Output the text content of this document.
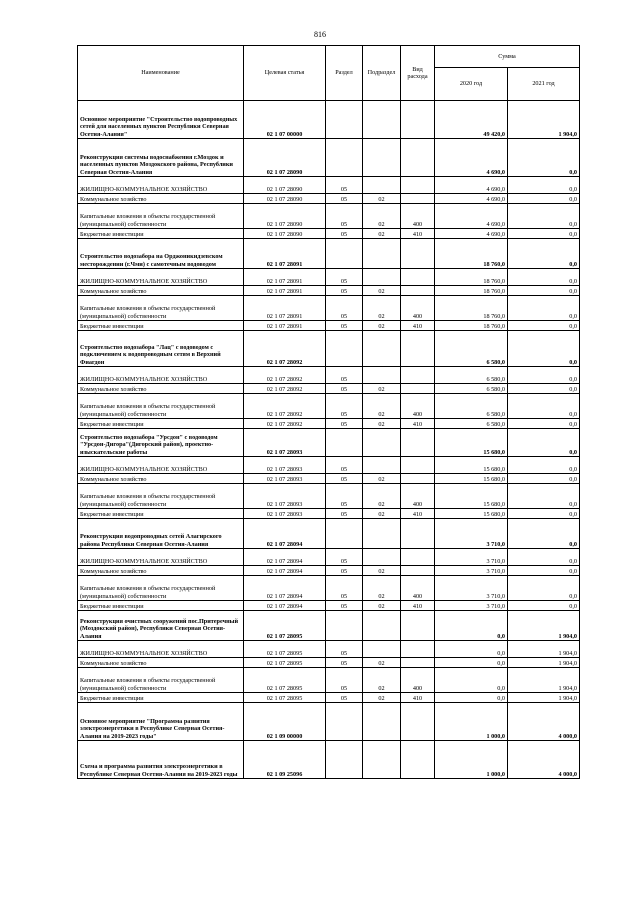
816
Наименование	Целевая статья	Раздел	Подраздел	Вид расхода	Сумма	
					2020 год	2021 год
Основное мероприятие "Строительство водопроводных сетей для населенных пунктов Республики Северная Осетия-Алания"	02 1 07 00000				49 420,0	1 904,0
Реконструкция системы водоснабжения г.Моздок и населенных пунктов Моздокского района, Республики Северная Осетия-Алания	02 1 07 28090				4 690,0	0,0
ЖИЛИЩНО-КОММУНАЛЬНОЕ ХОЗЯЙСТВО	02 1 07 28090	05			4 690,0	0,0
Коммунальное хозяйство	02 1 07 28090	05	02		4 690,0	0,0
Капитальные вложения в объекты государственной (муниципальной) собственности	02 1 07 28090	05	02	400	4 690,0	0,0
Бюджетные инвестиции	02 1 07 28090	05	02	410	4 690,0	0,0
Строительство водозабора на Орджоникидзевском месторождении (г.Чми) с самотечным водоводом	02 1 07 28091				18 760,0	0,0
ЖИЛИЩНО-КОММУНАЛЬНОЕ ХОЗЯЙСТВО	02 1 07 28091	05			18 760,0	0,0
Коммунальное хозяйство	02 1 07 28091	05	02		18 760,0	0,0
Капитальные вложения в объекты государственной (муниципальной) собственности	02 1 07 28091	05	02	400	18 760,0	0,0
Бюджетные инвестиции	02 1 07 28091	05	02	410	18 760,0	0,0
Строительство водозабора "Лац" с водоводом с подключением к водопроводным сетям в Верхний Фиагдон	02 1 07 28092				6 580,0	0,0
ЖИЛИЩНО-КОММУНАЛЬНОЕ ХОЗЯЙСТВО	02 1 07 28092	05			6 580,0	0,0
Коммунальное хозяйство	02 1 07 28092	05	02		6 580,0	0,0
Капитальные вложения в объекты государственной (муниципальной) собственности	02 1 07 28092	05	02	400	6 580,0	0,0
Бюджетные инвестиции	02 1 07 28092	05	02	410	6 580,0	0,0
Строительство водозабора "Урсдон" с водоводом "Урсдон-Дигора"(Дигорский район), проектно-изыскательские работы	02 1 07 28093				15 680,0	0,0
ЖИЛИЩНО-КОММУНАЛЬНОЕ ХОЗЯЙСТВО	02 1 07 28093	05			15 680,0	0,0
Коммунальное хозяйство	02 1 07 28093	05	02		15 680,0	0,0
Капитальные вложения в объекты государственной (муниципальной) собственности	02 1 07 28093	05	02	400	15 680,0	0,0
Бюджетные инвестиции	02 1 07 28093	05	02	410	15 680,0	0,0
Реконструкция водопроводных сетей Алагирского района Республики Северная Осетия-Алания	02 1 07 28094				3 710,0	0,0
ЖИЛИЩНО-КОММУНАЛЬНОЕ ХОЗЯЙСТВО	02 1 07 28094	05			3 710,0	0,0
Коммунальное хозяйство	02 1 07 28094	05	02		3 710,0	0,0
Капитальные вложения в объекты государственной (муниципальной) собственности	02 1 07 28094	05	02	400	3 710,0	0,0
Бюджетные инвестиции	02 1 07 28094	05	02	410	3 710,0	0,0
Реконструкция очистных сооружений пос.Притеречный (Моздокский район), Республики Северная Осетия-Алания	02 1 07 28095				0,0	1 904,0
ЖИЛИЩНО-КОММУНАЛЬНОЕ ХОЗЯЙСТВО	02 1 07 28095	05			0,0	1 904,0
Коммунальное хозяйство	02 1 07 28095	05	02		0,0	1 904,0
Капитальные вложения в объекты государственной (муниципальной) собственности	02 1 07 28095	05	02	400	0,0	1 904,0
Бюджетные инвестиции	02 1 07 28095	05	02	410	0,0	1 904,0
Основное мероприятие "Программа развития электроэнергетики в Республике Северная Осетия-Алания на 2019-2023 годы"	02 1 09 00000				1 000,0	4 000,0
Схема и программа развития электроэнергетики в Республике Северная Осетия-Алания на 2019-2023 годы	02 1 09 25096				1 000,0	4 000,0
